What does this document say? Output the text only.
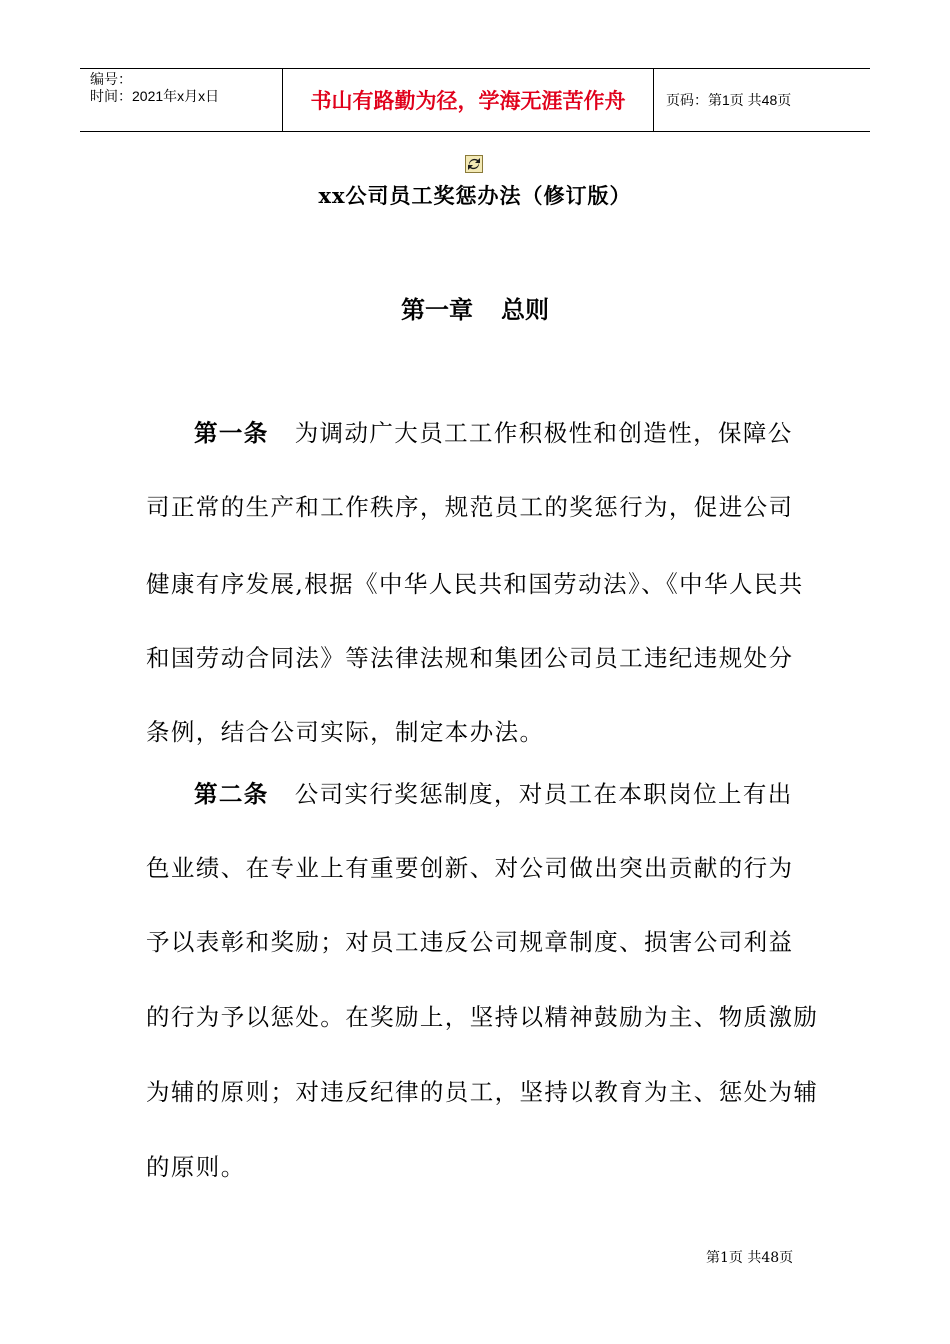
编号：
时间：2021年x月x日	书山有路勤为径，学海无涯苦作舟	页码：第1页 共48页
xx公司员工奖惩办法（修订版）
第一章 总则
第一条 为调动广大员工工作积极性和创造性，保障公
司正常的生产和工作秩序，规范员工的奖惩行为，促进公司
健康有序发展,根据《中华人民共和国劳动法》、《中华人民共
和国劳动合同法》等法律法规和集团公司员工违纪违规处分
条例，结合公司实际，制定本办法。
第二条 公司实行奖惩制度，对员工在本职岗位上有出
色业绩、在专业上有重要创新、对公司做出突出贡献的行为
予以表彰和奖励；对员工违反公司规章制度、损害公司利益
的行为予以惩处。在奖励上，坚持以精神鼓励为主、物质激励
为辅的原则；对违反纪律的员工，坚持以教育为主、惩处为辅
的原则。
第1页 共48页
